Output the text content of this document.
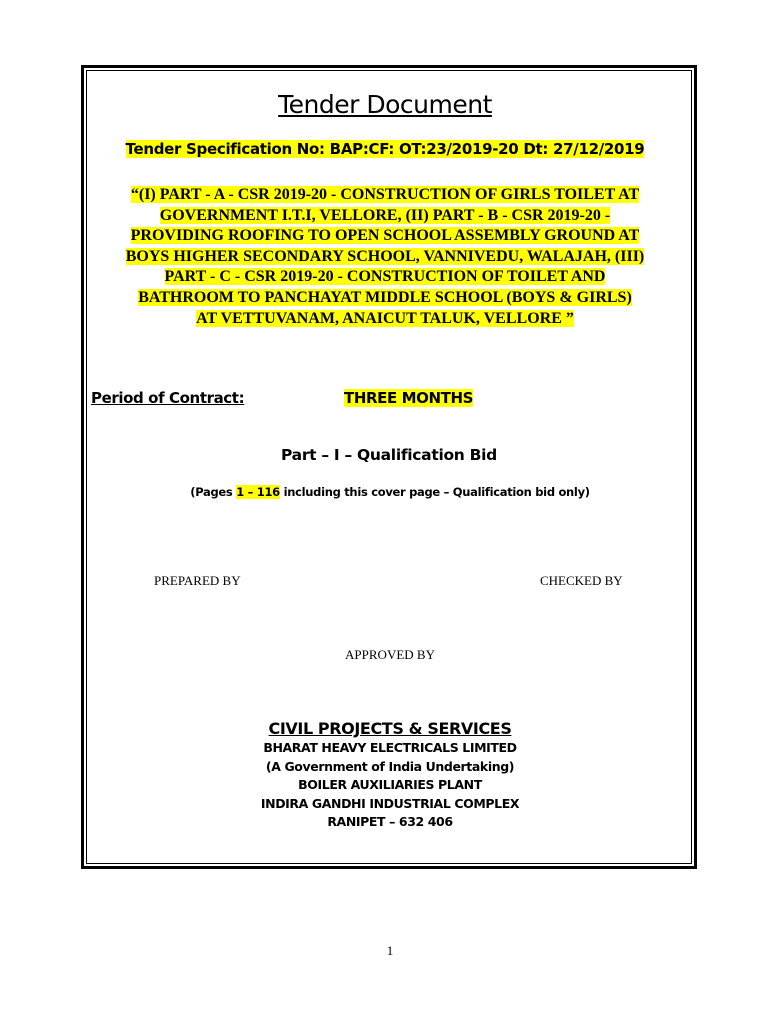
Tender Document
Tender Specification No: BAP:CF: OT:23/2019-20 Dt: 27/12/2019
“(I) PART - A - CSR 2019-20 - CONSTRUCTION OF GIRLS TOILET AT
GOVERNMENT I.T.I, VELLORE, (II) PART - B - CSR 2019-20 -
PROVIDING ROOFING TO OPEN SCHOOL ASSEMBLY GROUND AT
BOYS HIGHER SECONDARY SCHOOL, VANNIVEDU, WALAJAH, (III)
PART - C - CSR 2019-20 - CONSTRUCTION OF TOILET AND
BATHROOM TO PANCHAYAT MIDDLE SCHOOL (BOYS & GIRLS)
AT VETTUVANAM, ANAICUT TALUK, VELLORE ”
Period of Contract:	THREE MONTHS
Part – I – Qualification Bid
(Pages 1 – 116 including this cover page – Qualification bid only)
PREPARED BY	CHECKED BY
APPROVED BY
CIVIL PROJECTS & SERVICES
BHARAT HEAVY ELECTRICALS LIMITED
(A Government of India Undertaking)
BOILER AUXILIARIES PLANT
INDIRA GANDHI INDUSTRIAL COMPLEX
RANIPET – 632 406
1
